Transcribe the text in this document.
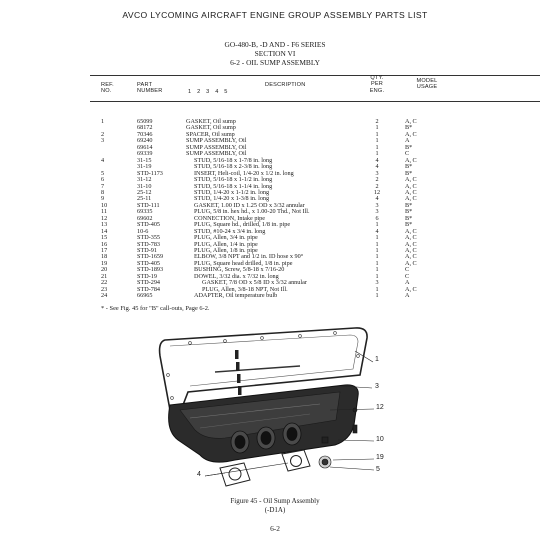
AVCO LYCOMING AIRCRAFT ENGINE GROUP ASSEMBLY PARTS LIST
GO-480-B, -D AND - F6 SERIES
SECTION VI
6-2 - OIL SUMP ASSEMBLY
REF.
NO.
PART
NUMBER	1 2 3 4 5
DESCRIPTION
QTY.
PER
ENG.
MODEL
USAGE
1	65099	GASKET, Oil sump	2	A, C
68172	GASKET, Oil sump	1	B*
2	70346	SPACER, Oil sump	1	A, C
3	69240	SUMP ASSEMBLY, Oil	1	A
69614	SUMP ASSEMBLY, Oil	1	B*
69339	SUMP ASSEMBLY, Oil	1	C
4	31-15	STUD, 5/16-18 x 1-7/8 in. long	4	A, C
31-19	STUD, 5/16-18 x 2-3/8 in. long	4	B*
5	STD-1173	INSERT, Heli-coil, 1/4-20 x 1/2 in. long	3	B*
6	31-12	STUD, 5/16-18 x 1-1/2 in. long	2	A, C
7	31-10	STUD, 5/16-18 x 1-1/4 in. long	2	A, C
8	25-12	STUD, 1/4-20 x 1-1/2 in. long	12	A, C
9	25-11	STUD, 1/4-20 x 1-3/8 in. long	4	A, C
10	STD-111	GASKET, 1.00 ID x 1.25 OD x 3/32 annular	3	B*
11	69335	PLUG, 5/8 in. hex hd., x 1.00-20 Thd., Not Ill.	3	B*
12	69602	CONNECTION, Intake pipe	6	B*
13	STD-405	PLUG, Square hd., drilled, 1/8 in. pipe	1	B*
14	10-6	STUD, #10-24 x 3/4 in. long	4	A, C
15	STD-355	PLUG, Allen, 3/4 in. pipe	1	A, C
16	STD-783	PLUG, Allen, 1/4 in. pipe	1	A, C
17	STD-91	PLUG, Allen, 1/8 in. pipe	1	A, C
18	STD-1659	ELBOW, 3/8 NPT and 1/2 in. ID hose x 90°	1	A, C
19	STD-405	PLUG, Square head drilled, 1/8 in. pipe	1	A, C
20	STD-1893	BUSHING, Screw, 5/8-18 x 7/16-20	1	C
21	STD-19	DOWEL, 3/32 dia. x 7/32 in. long	1	C
22	STD-294	GASKET, 7/8 OD x 5/8 ID x 3/32 annular	3	A
23	STD-784	PLUG, Allen, 3/8-18 NPT, Not Ill.	1	A, C
24	66965	ADAPTER, Oil temperature bulb	1	A
* - See Fig. 45 for "B" call-outs, Page 6-2.
1
3
12
10
19
5
4
Figure 45 - Oil Sump Assembly
(-D1A)
6-2
